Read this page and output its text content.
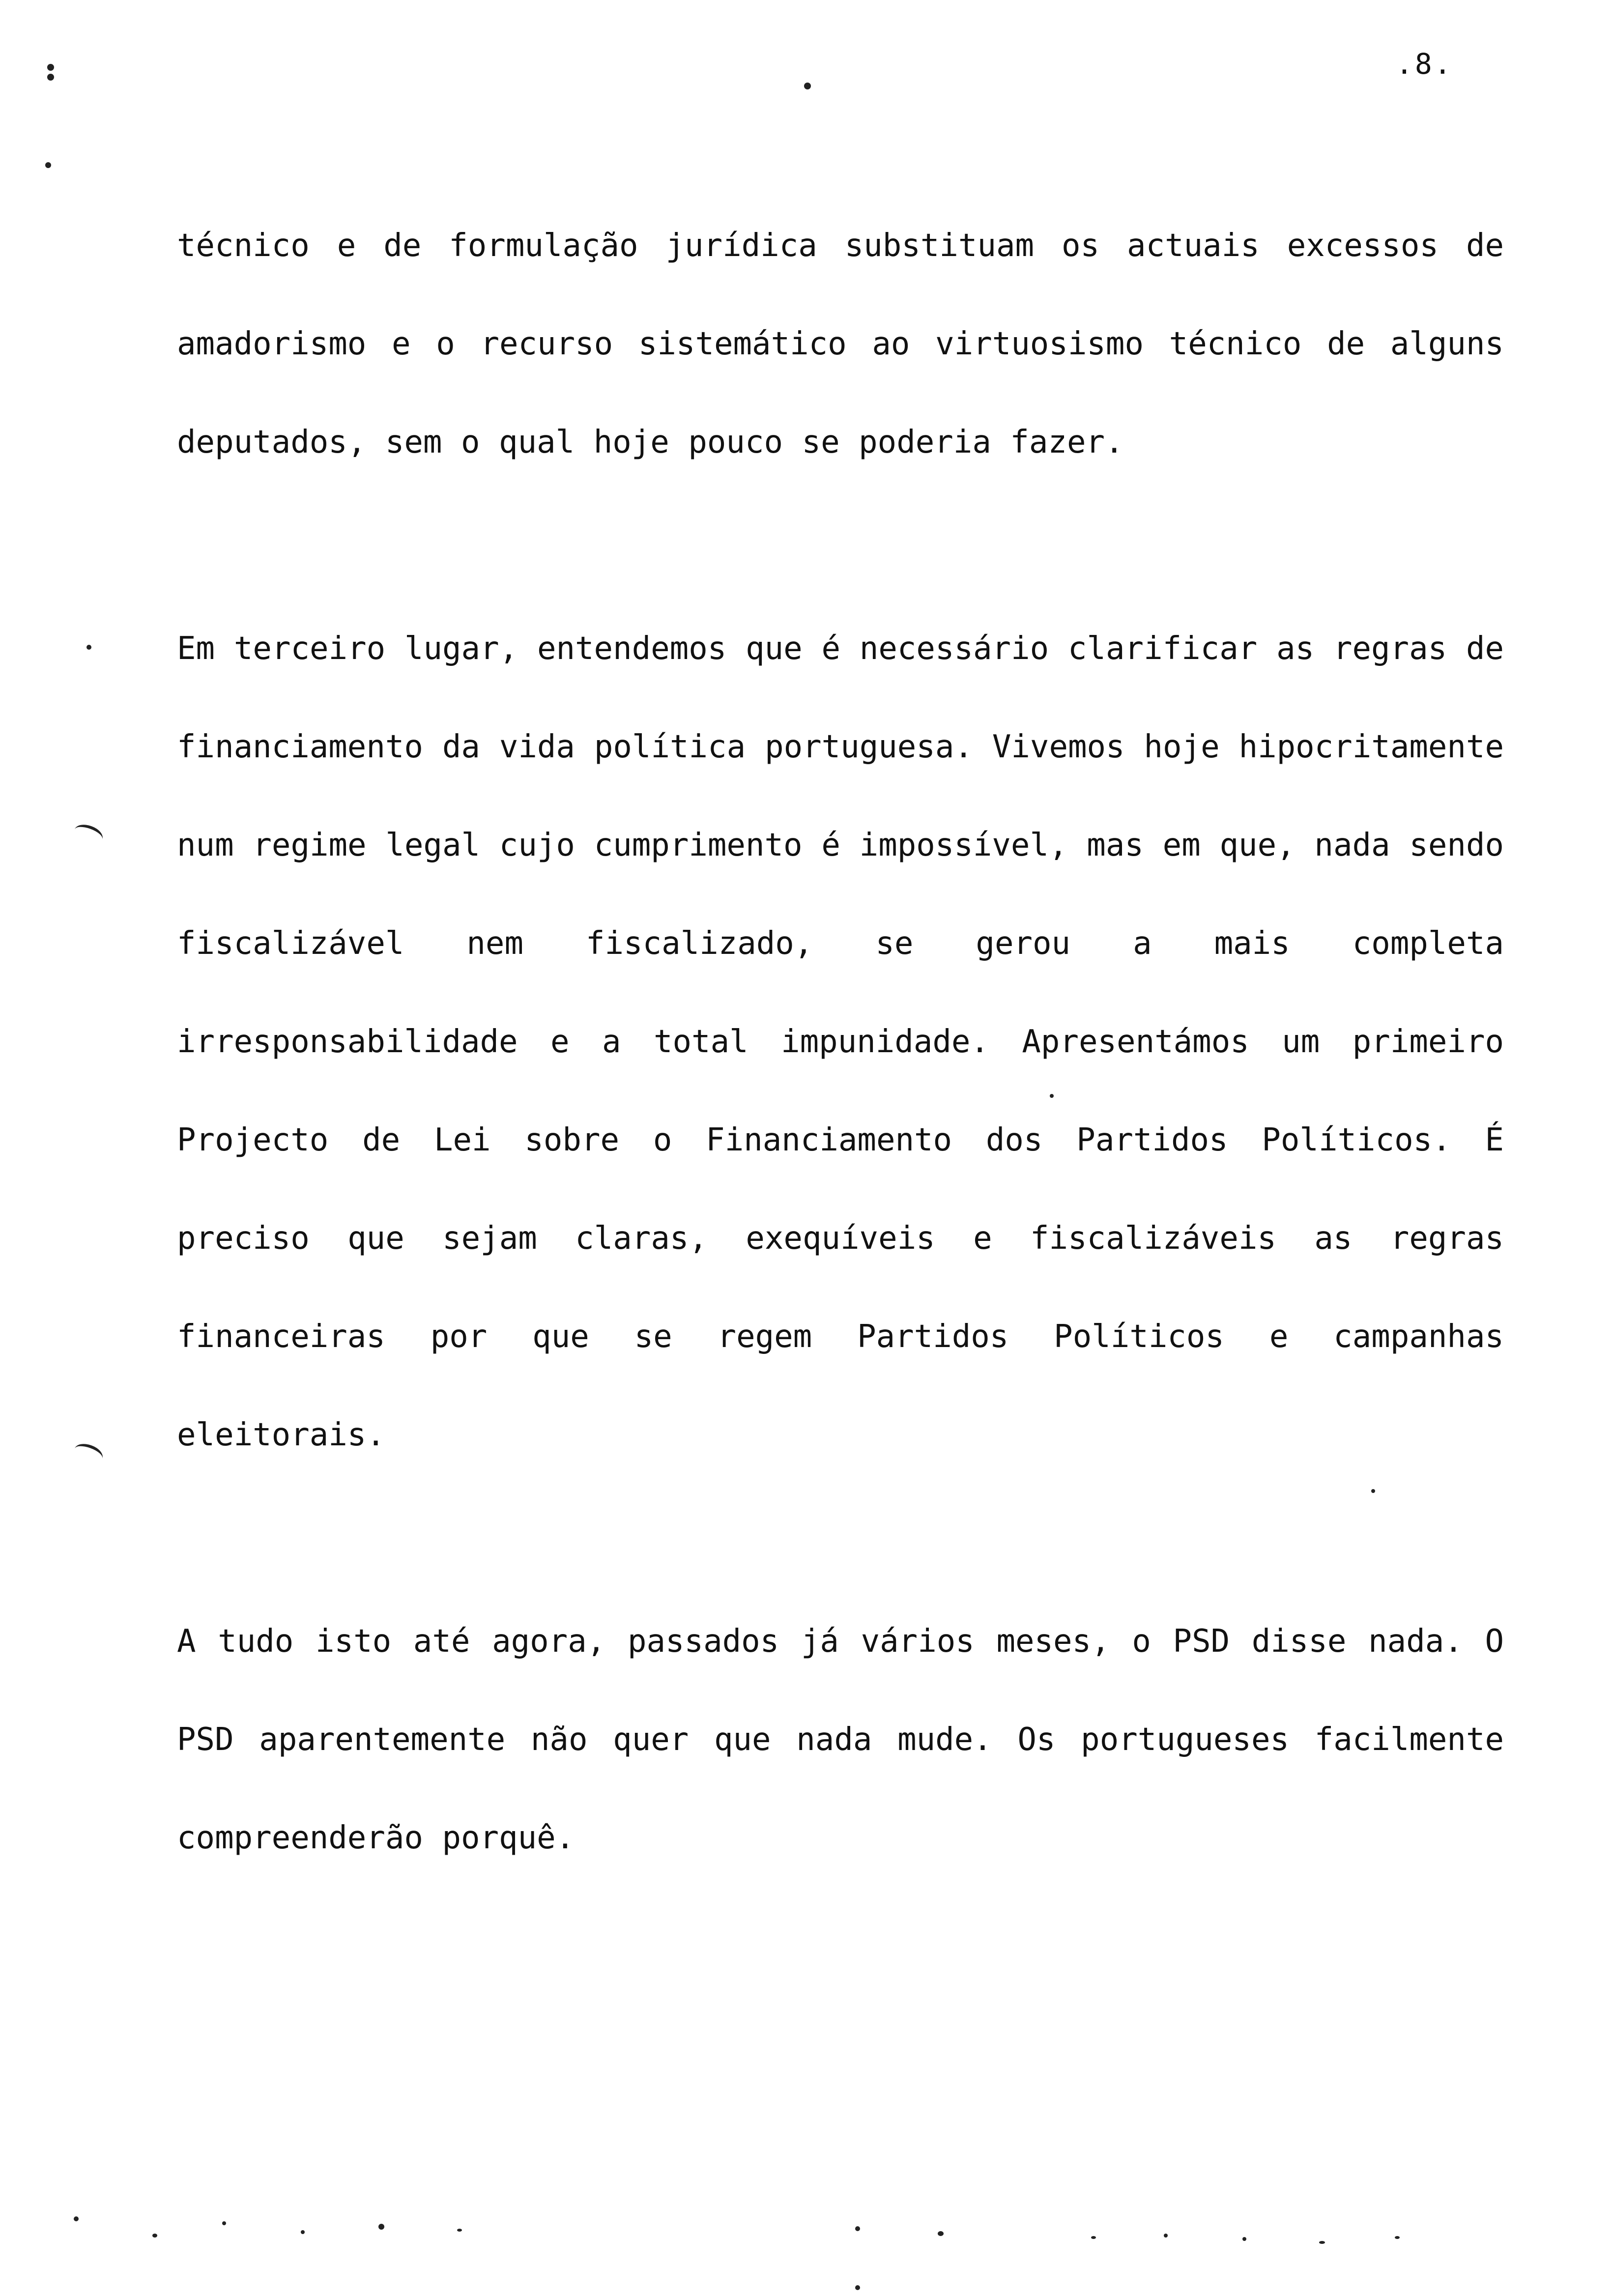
.8.

técnico e de formulação jurídica substituam os actuais excessos de amadorismo e o recurso sistemático ao virtuosismo técnico de alguns deputados, sem o qual hoje pouco se poderia fazer.

Em terceiro lugar, entendemos que é necessário clarificar as regras de financiamento da vida política portuguesa. Vivemos hoje hipocritamente num regime legal cujo cumprimento é impossível, mas em que, nada sendo fiscalizável nem fiscalizado, se gerou a mais completa irresponsabilidade e a total impunidade. Apresentámos um primeiro Projecto de Lei sobre o Financiamento dos Partidos Políticos. É preciso que sejam claras, exequíveis e fiscalizáveis as regras financeiras por que se regem Partidos Políticos e campanhas eleitorais.

A tudo isto até agora, passados já vários meses, o PSD disse nada. O PSD aparentemente não quer que nada mude. Os portugueses facilmente compreenderão porquê.
